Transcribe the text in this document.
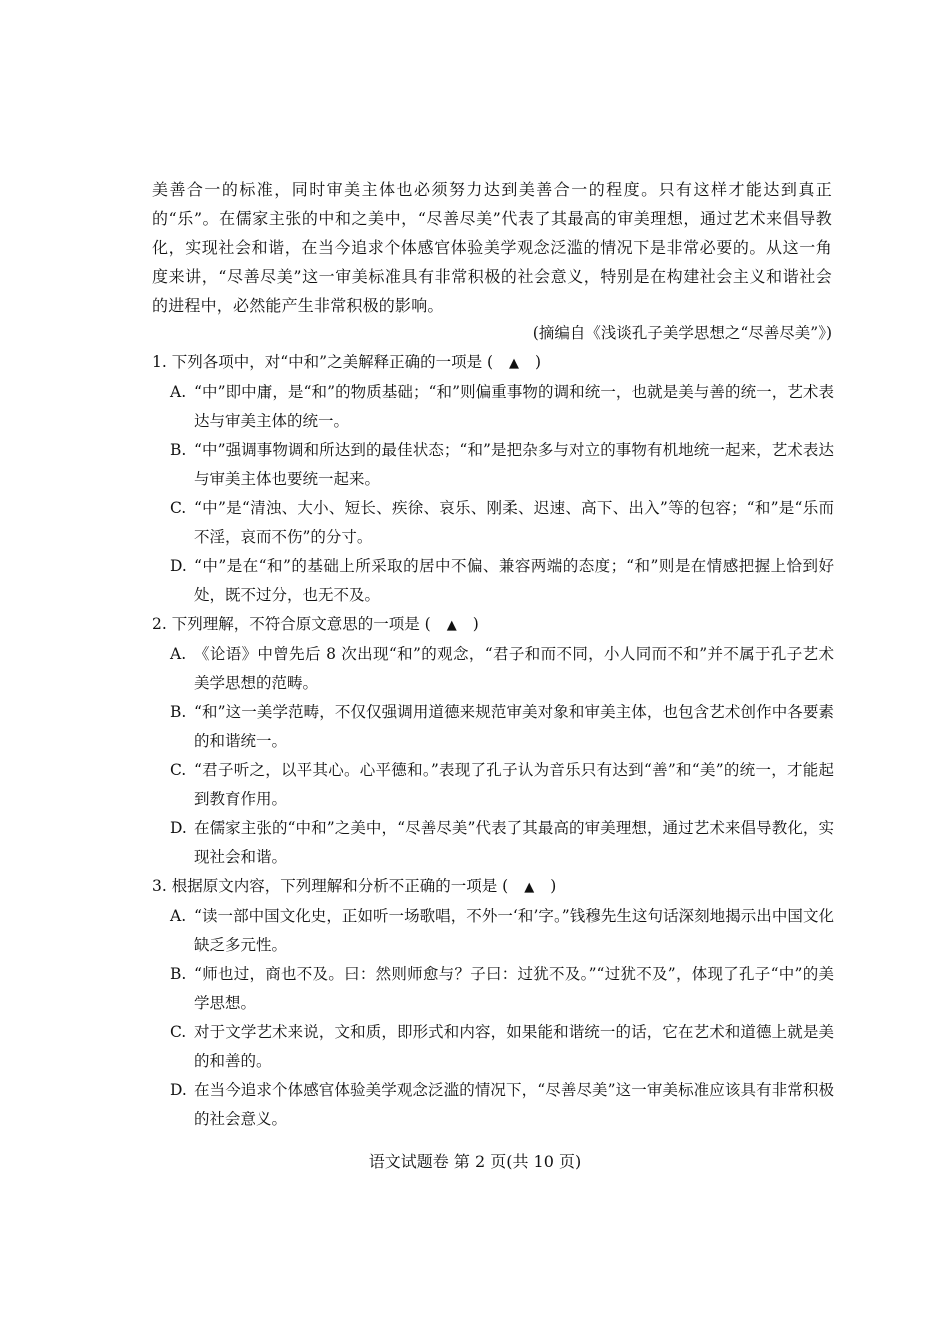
美善合一的标准，同时审美主体也必须努力达到美善合一的程度。只有这样才能达到真正的“乐”。在儒家主张的中和之美中，“尽善尽美”代表了其最高的审美理想，通过艺术来倡导教化，实现社会和谐，在当今追求个体感官体验美学观念泛滥的情况下是非常必要的。从这一角度来讲，“尽善尽美”这一审美标准具有非常积极的社会意义，特别是在构建社会主义和谐社会的进程中，必然能产生非常积极的影响。

(摘编自《浅谈孔子美学思想之“尽善尽美”》)
1. 下列各项中，对“中和”之美解释正确的一项是 ( ▲ )
A. “中”即中庸，是“和”的物质基础；“和”则偏重事物的调和统一，也就是美与善的统一，艺术表达与审美主体的统一。
B. “中”强调事物调和所达到的最佳状态；“和”是把杂多与对立的事物有机地统一起来，艺术表达与审美主体也要统一起来。
C. “中”是“清浊、大小、短长、疾徐、哀乐、刚柔、迟速、高下、出入”等的包容；“和”是“乐而不淫，哀而不伤”的分寸。
D. “中”是在“和”的基础上所采取的居中不偏、兼容两端的态度；“和”则是在情感把握上恰到好处，既不过分，也无不及。
2. 下列理解，不符合原文意思的一项是 ( ▲ )
A. 《论语》中曾先后 8 次出现“和”的观念，“君子和而不同，小人同而不和”并不属于孔子艺术美学思想的范畴。
B. “和”这一美学范畴，不仅仅强调用道德来规范审美对象和审美主体，也包含艺术创作中各要素的和谐统一。
C. “君子听之，以平其心。心平德和。”表现了孔子认为音乐只有达到“善”和“美”的统一，才能起到教育作用。
D. 在儒家主张的“中和”之美中，“尽善尽美”代表了其最高的审美理想，通过艺术来倡导教化，实现社会和谐。
3. 根据原文内容，下列理解和分析不正确的一项是 ( ▲ )
A. “读一部中国文化史，正如听一场歌唱，不外一‘和’字。”钱穆先生这句话深刻地揭示出中国文化缺乏多元性。
B. “师也过，商也不及。曰：然则师愈与？子曰：过犹不及。”“过犹不及”，体现了孔子“中”的美学思想。
C. 对于文学艺术来说，文和质，即形式和内容，如果能和谐统一的话，它在艺术和道德上就是美的和善的。
D. 在当今追求个体感官体验美学观念泛滥的情况下，“尽善尽美”这一审美标准应该具有非常积极的社会意义。
语文试题卷 第 2 页(共 10 页)
